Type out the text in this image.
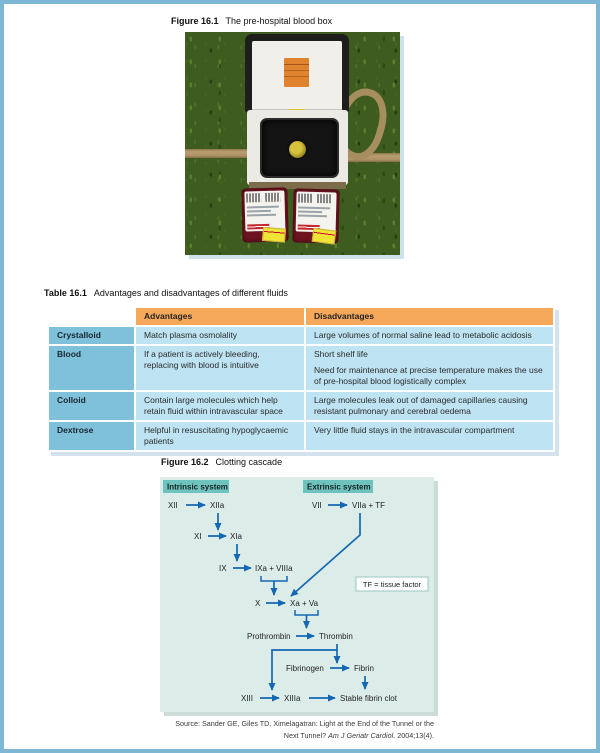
Figure 16.1 The pre-hospital blood box
Table 16.1 Advantages and disadvantages of different fluids
	Advantages	Disadvantages
Crystalloid	Match plasma osmolality	Large volumes of normal saline lead to metabolic acidosis

Blood	If a patient is actively bleeding, replacing with blood is intuitive	Short shelf life

Need for maintenance at precise temperature makes the use of pre-hospital blood logistically complex

Colloid	Contain large molecules which help retain fluid within intravascular space	Large molecules leak out of damaged capillaries causing resistant pulmonary and cerebral oedema

Dextrose	Helpful in resuscitating hypoglycaemic patients	Very little fluid stays in the intravascular compartment

Figure 16.2 Clotting cascade
Intrinsic system	Extrinsic system
XII	XIIa	VII	VIIa + TF
XI	XIa
IX	IXa + VIIIa
TF = tissue factor
X	Xa + Va
Prothrombin	Thrombin
Fibrinogen	Fibrin
XIII	XIIIa	Stable fibrin clot
Source: Sander GE, Giles TD. Ximelagatran: Light at the End of the Tunnel or the
Next Tunnel? Am J Geriatr Cardiol. 2004;13(4).
